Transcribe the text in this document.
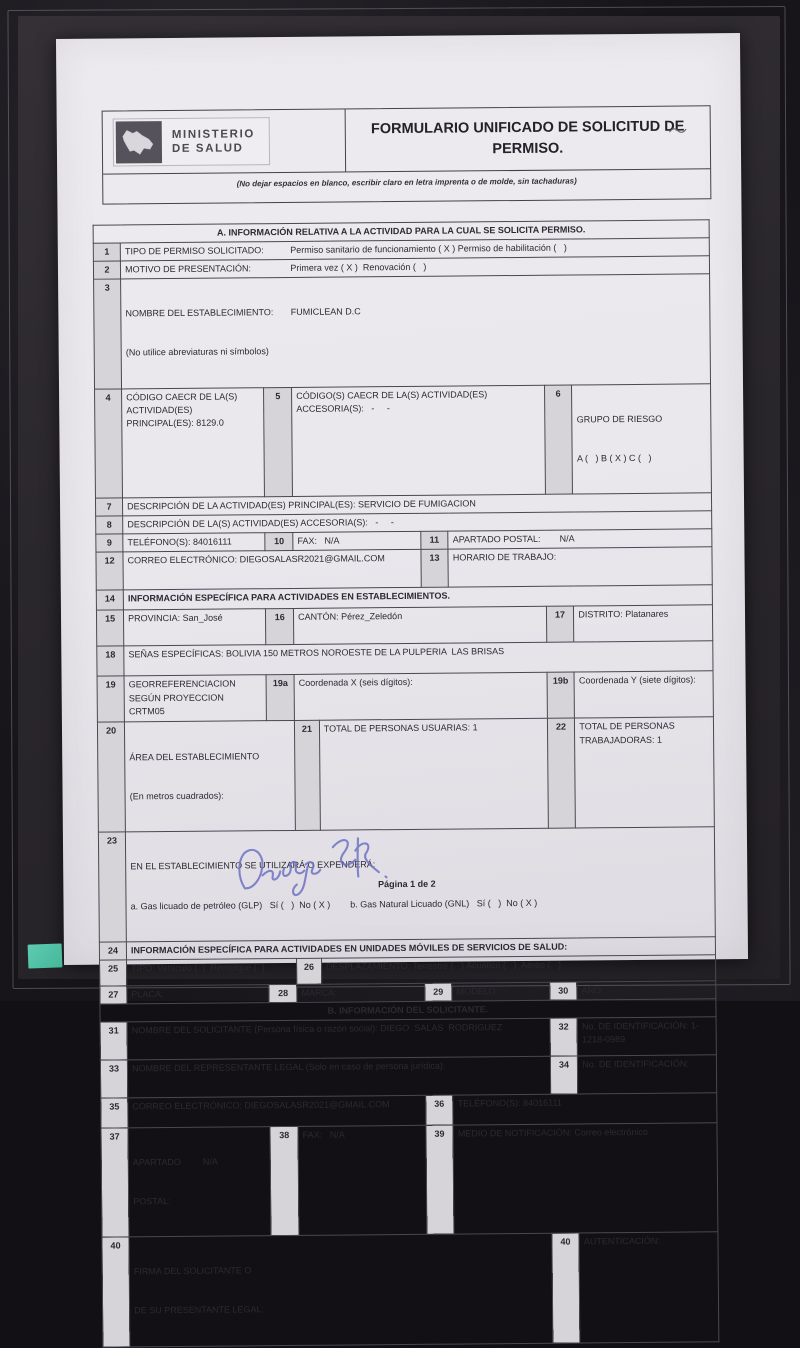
MINISTERIO
DE SALUD
FORMULARIO UNIFICADO DE SOLICITUD DE
PERMISO.
(No dejar espacios en blanco, escribir claro en letra imprenta o de molde, sin tachaduras)
A. INFORMACIÓN RELATIVA A LA ACTIVIDAD PARA LA CUAL SE SOLICITA PERMISO.								
1	TIPO DE PERMISO SOLICITADO: Permiso sanitario de funcionamiento ( X ) Permiso de habilitación (   )							

2	MOTIVO DE PRESENTACIÓN: Primera vez ( X )  Renovación (   )							

3	NOMBRE DEL ESTABLECIMIENTO: FUMICLEAN D.C

(No utilice abreviaturas ni símbolos)							

4	CÓDIGO CAECR DE LA(S) ACTIVIDAD(ES) PRINCIPAL(ES): 8129.0	5	CÓDIGO(S) CAECR DE LA(S) ACTIVIDAD(ES) ACCESORIA(S):   -     -				6	GRUPO DE RIESGO

A (   ) B ( X ) C (   )

7	DESCRIPCIÓN DE LA ACTIVIDAD(ES) PRINCIPAL(ES): SERVICIO DE FUMIGACION							
8	DESCRIPCIÓN DE LA(S) ACTIVIDAD(ES) ACCESORIA(S):   -     -							
9	TELÉFONO(S): 84016111	10	FAX:   N/A		11	APARTADO POSTAL: N/A		

12	CORREO ELECTRÓNICO: DIEGOSALASR2021@GMAIL.COM				13	HORARIO DE TRABAJO:		
14	INFORMACIÓN ESPECÍFICA PARA ACTIVIDADES EN ESTABLECIMIENTOS.							
15	PROVINCIA: San_José	16	CANTÓN: Pérez_Zeledón				17	DISTRITO: Platanares
18	SEÑAS ESPECÍFICAS: BOLIVIA 150 METROS NOROESTE DE LA PULPERIA  LAS BRISAS							
19	GEORREFERENCIACION SEGÚN PROYECCION CRTM05	19a	Coordenada X (seis dígitos):				19b	Coordenada Y (siete dígitos):
20	ÁREA DEL ESTABLECIMIENTO

(En metros cuadrados):		21	TOTAL DE PERSONAS USUARIAS: 1			22	TOTAL DE PERSONAS TRABAJADORAS: 1
23	EN EL ESTABLECIMIENTO SE UTILIZARÁ O EXPENDERÁ:

a. Gas licuado de petróleo (GLP)   Sí (   )  No ( X )        b. Gas Natural Licuado (GNL)   Sí (   )  No ( X )							

24	INFORMACIÓN ESPECÍFICA PARA ACTIVIDADES EN UNIDADES MÓVILES DE SERVICIOS DE SALUD:							
25	TIPO: Vehículo (  )  Remolque (  )		26	DESPLAZAMIENTO: Terrestre (   ) Acuático (   )  Aéreo (   )				
27	PLACA:	28	MARCA:		29	MODELO:	30	AÑO:
B. INFORMACIÓN DEL SOLICITANTE.								
31	NOMBRE DEL SOLICITANTE (Persona física o razón social): DIEGO  SALAS  RODRIGUEZ						32	No. DE IDENTIFICACIÓN: 1-1218-0989
33	NOMBRE DEL REPRESENTANTE LEGAL (Solo en caso de persona jurídica):						34	No. DE IDENTIFICACIÓN:
35	CORREO ELECTRÓNICO: DIEGOSALASR2021@GMAIL.COM				36	TELÉFONO(S): 84016111		
37	APARTADO N/A

POSTAL:	38	FAX:   N/A		39	MEDIO DE NOTIFICACIÓN: Correo electrónico		
40	FIRMA DEL SOLICITANTE O

DE SU PRESENTANTE LEGAL:						40	AUTENTICACIÓN:
Página 1 de 2
